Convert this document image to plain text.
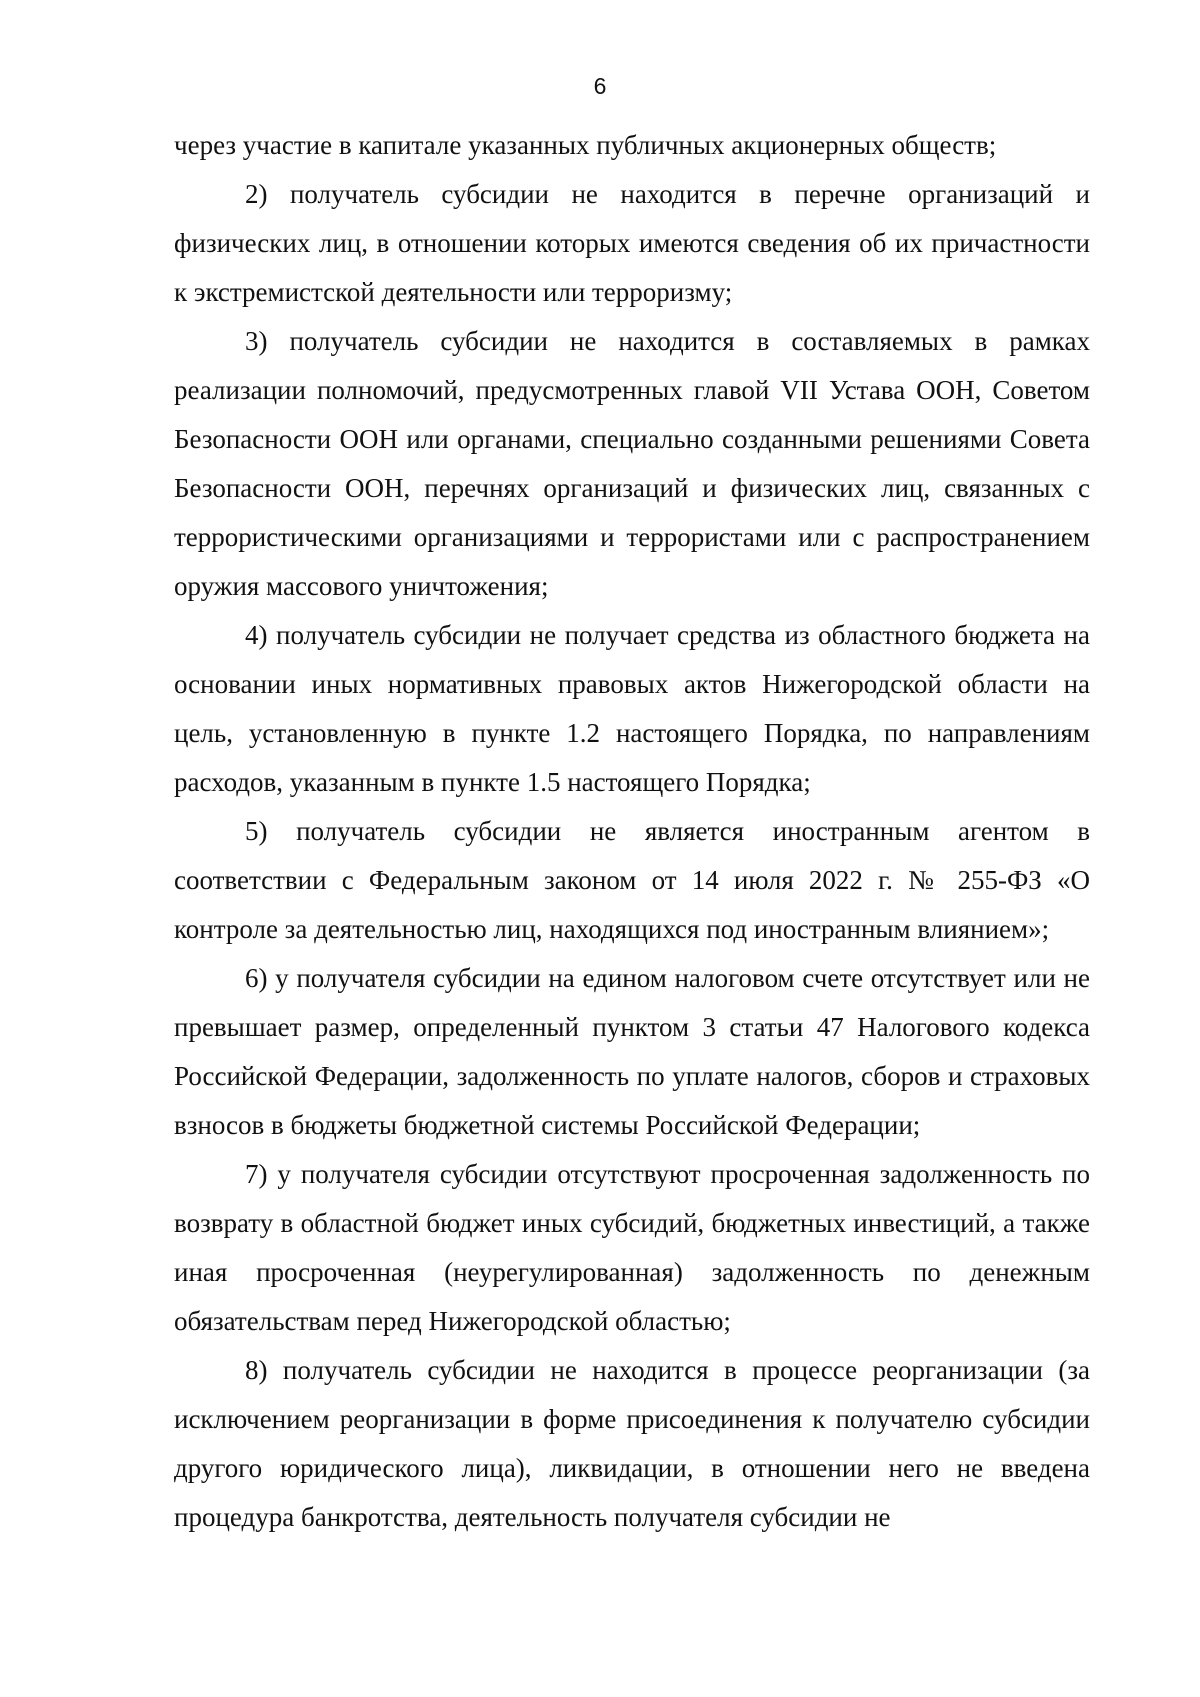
6

через участие в капитале указанных публичных акционерных обществ;

2) получатель субсидии не находится в перечне организаций и физических лиц, в отношении которых имеются сведения об их причастности к экстремистской деятельности или терроризму;

3) получатель субсидии не находится в составляемых в рамках реализации полномочий, предусмотренных главой VII Устава ООН, Советом Безопасности ООН или органами, специально созданными решениями Совета Безопасности ООН, перечнях организаций и физических лиц, связанных с террористическими организациями и террористами или с распространением оружия массового уничтожения;

4) получатель субсидии не получает средства из областного бюджета на основании иных нормативных правовых актов Нижегородской области на цель, установленную в пункте 1.2 настоящего Порядка, по направлениям расходов, указанным в пункте 1.5 настоящего Порядка;

5) получатель субсидии не является иностранным агентом в соответствии с Федеральным законом от 14 июля 2022 г. № 255-ФЗ «О контроле за деятельностью лиц, находящихся под иностранным влиянием»;

6) у получателя субсидии на едином налоговом счете отсутствует или не превышает размер, определенный пунктом 3 статьи 47 Налогового кодекса Российской Федерации, задолженность по уплате налогов, сборов и страховых взносов в бюджеты бюджетной системы Российской Федерации;

7) у получателя субсидии отсутствуют просроченная задолженность по возврату в областной бюджет иных субсидий, бюджетных инвестиций, а также иная просроченная (неурегулированная) задолженность по денежным обязательствам перед Нижегородской областью;

8) получатель субсидии не находится в процессе реорганизации (за исключением реорганизации в форме присоединения к получателю субсидии другого юридического лица), ликвидации, в отношении него не введена процедура банкротства, деятельность получателя субсидии не
